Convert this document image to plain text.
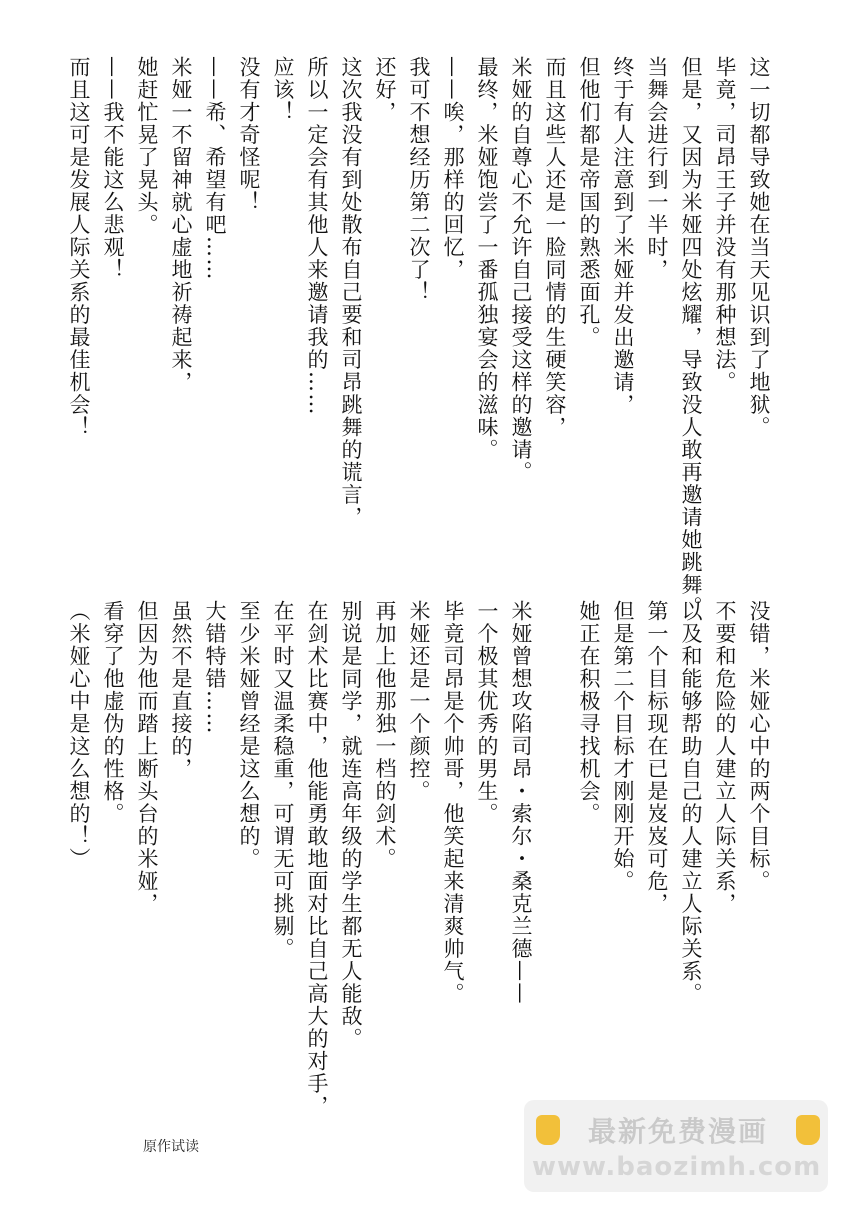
这一切都导致她在当天见识到了地狱。
毕竟，司昂王子并没有那种想法。
但是，又因为米娅四处炫耀，导致没人敢再邀请她跳舞。
当舞会进行到一半时，
终于有人注意到了米娅并发出邀请，
但他们都是帝国的熟悉面孔。
而且这些人还是一脸同情的生硬笑容，
米娅的自尊心不允许自己接受这样的邀请。
最终，米娅饱尝了一番孤独宴会的滋味。
——唉，那样的回忆，
我可不想经历第二次了！
还好，
这次我没有到处散布自己要和司昂跳舞的谎言，
所以一定会有其他人来邀请我的……
应该！
没有才奇怪呢！
——希、希望有吧……
米娅一不留神就心虚地祈祷起来，
她赶忙晃了晃头。
——我不能这么悲观！
而且这可是发展人际关系的最佳机会！
没错，米娅心中的两个目标。
不要和危险的人建立人际关系，
以及和能够帮助自己的人建立人际关系。
第一个目标现在已是岌岌可危，
但是第二个目标才刚刚开始。
她正在积极寻找机会。

米娅曾想攻陷司昂・索尔・桑克兰德——
一个极其优秀的男生。
毕竟司昂是个帅哥，他笑起来清爽帅气。
米娅还是一个颜控。
再加上他那独一档的剑术。
别说是同学，就连高年级的学生都无人能敌。
在剑术比赛中，他能勇敢地面对比自己高大的对手，
在平时又温柔稳重，可谓无可挑剔。
至少米娅曾经是这么想的。
大错特错……
虽然不是直接的，
但因为他而踏上断头台的米娅，
看穿了他虚伪的性格。
（米娅心中是这么想的！）
原作试读	最新免费漫画
www.baozimh.com
